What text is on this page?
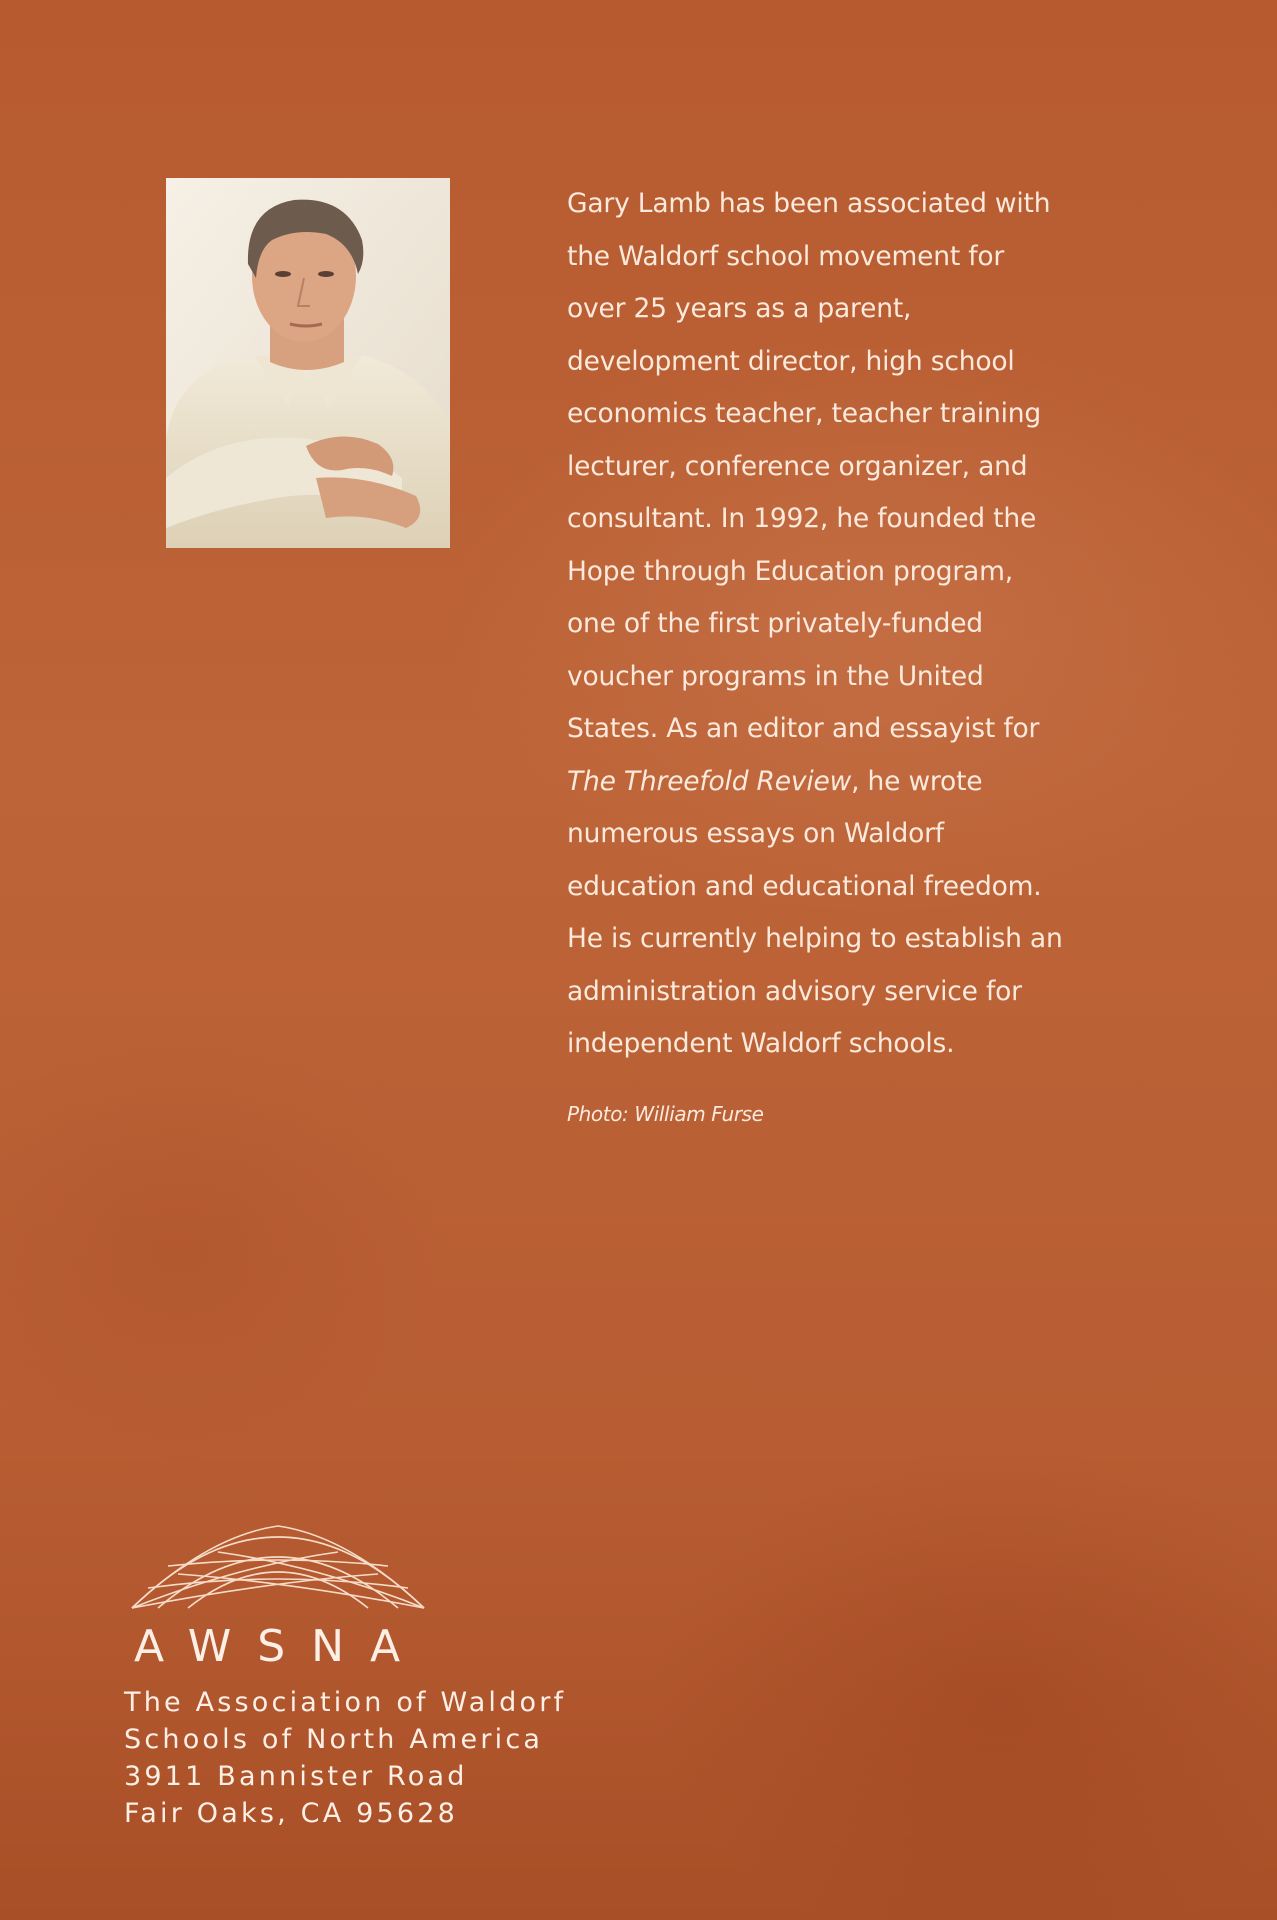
Gary Lamb has been associated with
the Waldorf school movement for
over 25 years as a parent,
development director, high school
economics teacher, teacher training
lecturer, conference organizer, and
consultant. In 1992, he founded the
Hope through Education program,
one of the first privately-funded
voucher programs in the United
States. As an editor and essayist for
The Threefold Review, he wrote
numerous essays on Waldorf
education and educational freedom.
He is currently helping to establish an
administration advisory service for
independent Waldorf schools.
Photo: William Furse
AWSNA
The Association of Waldorf
Schools of North America
3911 Bannister Road
Fair Oaks, CA 95628
